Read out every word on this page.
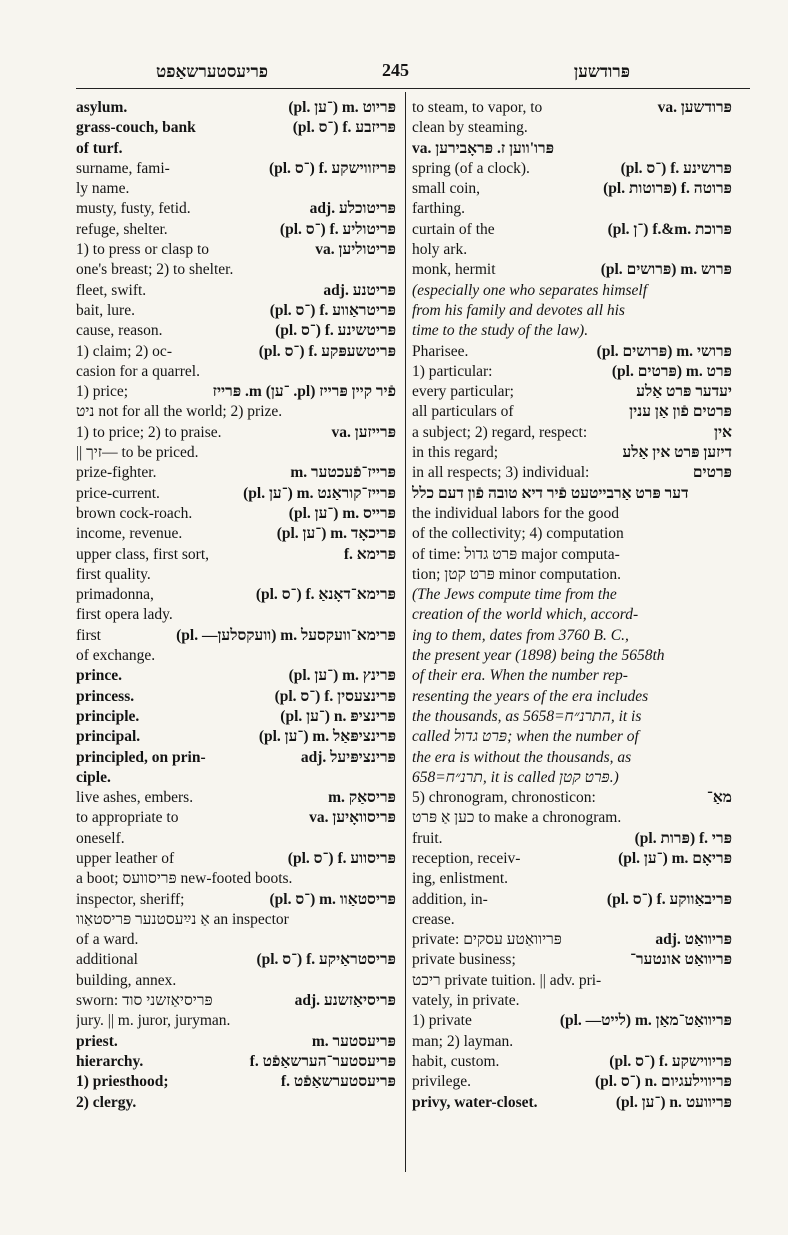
פריעסטערשאַפט	245	פּרודשען
asylum.	(pl. ־ען) m. פּריוט
grass-couch, bank	(pl. ־ס) f. פּריזבע
of turf.
surname, fami-	(pl. ־ס) f. פּריזווישקע
ly name.
musty, fusty, fetid.	adj. פּריטוכלע
refuge, shelter.	(pl. ־ס) f. פּריטוליע
1) to press or clasp to	va. פּריטוליען
one's breast; 2) to shelter.
fleet, swift.	adj. פּריטנע
bait, lure.	(pl. ־ס) f. פּריטראַווע
cause, reason.	(pl. ־ס) f. פּריטשינע
1) claim; 2) oc-	(pl. ־ס) f. פּריטשעפּקע
casion for a quarrel.
1) price;	פֿיר קיין פּרייז (pl. ־ען) m. פּרייז
ניט not for all the world; 2) prize.
1) to price; 2) to praise.	va. פּרייזען
|| זיך— to be priced.
prize-fighter.	m. פּרייז־פֿעכטער
price-current.	(pl. ־ען) m. פּרייז־קוראַנט
brown cock-roach.	(pl. ־ען) m. פּרייס
income, revenue.	(pl. ־ען) m. פּריכאָד
upper class, first sort,	f. פּרימא
first quality.
primadonna,	(pl. ־ס) f. פּרימא־דאָנאַ
first opera lady.
first	(pl. —וועקסלען) m. פּרימא־וועקסעל
of exchange.
prince.	(pl. ־ען) m. פּרינץ
princess.	(pl. ־ס) f. פּרינצעסין
principle.	(pl. ־ען) n. פּרינציפּ
principal.	(pl. ־ען) m. פּרינציפּאַל
principled, on prin-	adj. פּרינציפּיעל
ciple.
live ashes, embers.	m. פּריסאַק
to appropriate to	va. פּריסוואָיען
oneself.
upper leather of	(pl. ־ס) f. פּריסווע
a boot; פּריסוועס new-footed boots.
inspector, sheriff;	(pl. ־ס) m. פּריסטאַוו
אַ נײַעסטנער פּריסטאַוו an inspector
of a ward.
additional	(pl. ־ס) f. פּריסטראַיקע
building, annex.
sworn: פּריסיאַזשני סוד	adj. פּריסיאַזשנע
jury. || m. juror, juryman.
priest.	m. פּריעסטער
hierarchy.	f. פּריעסטער־הערשאַפֿט
1) priesthood;	f. פּריעסטערשאַפֿט
2) clergy.
to steam, to vapor, to	va. פּרודשען
clean by steaming.
va. פּרו'ווען ז. פּראָבירען
spring (of a clock).	(pl. ־ס) f. פּרושינע
small coin,	(pl. פּרוטות) f. פּרוטה
farthing.
curtain of the	(pl. ־ן) f.&m. פּרוכת
holy ark.
monk, hermit	(pl. פּרושים) m. פּרוש
(especially one who separates himself
from his family and devotes all his
time to the study of the law).
Pharisee.	(pl. פּרושים) m. פּרושי
1) particular:	(pl. פּרטים) m. פּרט
every particular;	יעדער פּרט אַלע
all particulars of	פּרטים פֿון אַן ענין
a subject; 2) regard, respect:	אין
in this regard;	דיזען פּרט אין אַלע
in all respects; 3) individual:	פּרטים
דער פּרט אַרבייטעט פֿיר דיא טובה פֿון דעם כלל
the individual labors for the good
of the collectivity; 4) computation
of time: פּרט גדול major computa-
tion; פּרט קטן minor computation.
(The Jews compute time from the
creation of the world which, accord-
ing to them, dates from 3760 B. C.,
the present year (1898) being the 5658th
of their era. When the number rep-
resenting the years of the era includes
the thousands, as התרנ״ח=5658, it is
called פּרט גדול; when the number of
the era is without the thousands, as
תרנ״ח=658, it is called פּרט קטן.)
5) chronogram, chronosticon:	מאַ־
כען אַ פּרט to make a chronogram.
fruit.	(pl. פּרות) f. פּרי
reception, receiv-	(pl. ־ען) m. פּריאָם
ing, enlistment.
addition, in-	(pl. ־ס) f. פּריבאַווקע
crease.
private: פּריוואַטע עסקים	adj. פּריוואַט
private business;	פּריוואַט אונטער־
ריכט private tuition. || adv. pri-
vately, in private.
1) private	(pl. —לייט) m. פּריוואַט־מאַן
man; 2) layman.
habit, custom.	(pl. ־ס) f. פּריווישקע
privilege.	(pl. ־ס) n. פּריווילעגיום
privy, water-closet.	(pl. ־ען) n. פּריוועט
